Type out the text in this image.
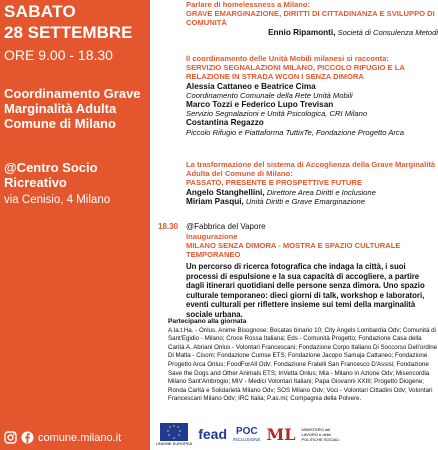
SABATO
28 SETTEMBRE
ORE 9.00 - 18.30
Coordinamento Grave Marginalità Adulta Comune di Milano
@Centro Socio Ricreativo
via Cenisio, 4 Milano
comune.milano.it
Parlare di homelessness a Milano:
GRAVE EMARGINAZIONE, DIRITTI DI CITTADINANZA E SVILUPPO DI COMUNITÀ
Ennio Ripamonti, Società di Consulenza Metodi
Il coordinamento delle Unità Mobili milanesi si racconta:
SERVIZIO SEGNALAZIONI MILANO, PICCOLO RIFUGIO E LA RELAZIONE IN STRADA WCON I SENZA DIMORA
Alessia Cattaneo e Beatrice Cima
Coordinamento Comunale della Rete Unità Mobili
Marco Tozzi e Federico Lupo Trevisan
Servizio Segnalazioni e Unità Psicologica, CRI Milano
Costantina Regazzo
Piccolo Rifugio e Piattaforma TuttixTe, Fondazione Progetto Arca
La trasformazione del sistema di Accoglienza della Grave Marginalità Adulta del Comune di Milano:
PASSATO, PRESENTE E PROSPETTIVE FUTURE
Angelo Stanghellini, Direttore Area Diritti e Inclusione
Miriam Pasqui, Unità Diritti e Grave Emarginazione
18.30 @Fabbrica del Vapore
Inaugurazione
MILANO SENZA DIMORA - MOSTRA E SPAZIO CULTURALE TEMPORANEO
Un percorso di ricerca fotografica che indaga la città, i suoi processi di espulsione e la sua capacità di accogliere, a partire dagli itinerari quotidiani delle persone senza dimora. Uno spazio culturale temporaneo: dieci giorni di talk, workshop e laboratori, eventi culturali per riflettere insieme sui temi della marginalità sociale urbana.
Partecipano alla giornata
A.la.t.Ha. - Onlus, Anime Bisognose; Bocatas binario 10; City Angels Lombardia Odv; Comunità di Sant'Egidio - Milano; Croce Rossa Italiana; Eds - Comunità Progetto; Fondazione Casa della Carità A. Abriani Onlus - Volontari Francescani; Fondazione Corpo Italiano Di Soccorso Dell'ordine Di Malta - Cisom; Fondazione Cumse ETS; Fondazione Jacopo Samaja Cattaneo; Fondazione Progetto Arca Onlus; FoodForAll Odv; Fondazione Fratelli San Francesco D'Assisi; Fondazione Save the Dogs and Other Animals ETS; InVetta Onlus; Mia - Milano in Azione Odv; Misericordia Milano Sant'Ambrogio; MIV - Medici Volontari Italiani; Papa Giovanni XXIII; Progetto Diogene; Ronda Carità e Solidarietà Milano Odv; SOS Milano Odv; Voci - Volontari Cittadini Odv; Volontari Francescani Milano Odv; IRC Italia; P.as.mi; Compagnia della Polvere.
UNIONE EUROPEA
fead POC
INCLUSIONE ML MINISTERO del LAVORO e delle POLITICHE SOCIALI
